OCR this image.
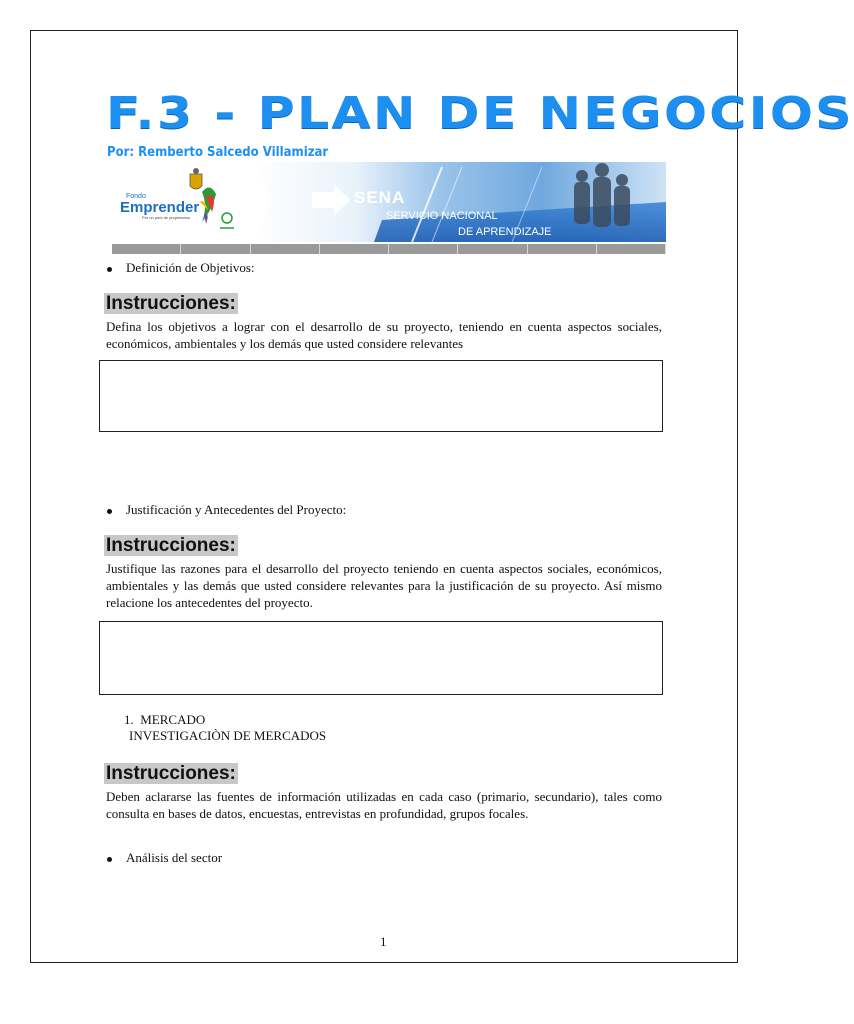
F.3 - PLAN DE NEGOCIOS
Por: Remberto Salcedo Villamizar
Fondo
Emprender
Por un país de propietarios
SENA
SERVICIO NACIONAL
DE APRENDIZAJE
Definición de Objetivos:
Instrucciones:
Defina los objetivos a lograr con el desarrollo de su proyecto, teniendo en cuenta aspectos sociales, económicos, ambientales y los demás que usted considere relevantes
Justificación y Antecedentes del Proyecto:
Instrucciones:
Justifique las razones para el desarrollo del proyecto teniendo en cuenta aspectos sociales, económicos, ambientales y las demás que usted considere relevantes para la justificación de su proyecto. Así mismo relacione los antecedentes del proyecto.
1. MERCADO
INVESTIGACIÒN DE MERCADOS
Instrucciones:
Deben aclararse las fuentes de información utilizadas en cada caso (primario, secundario), tales como consulta en bases de datos, encuestas, entrevistas en profundidad, grupos focales.
Análisis del sector
1
